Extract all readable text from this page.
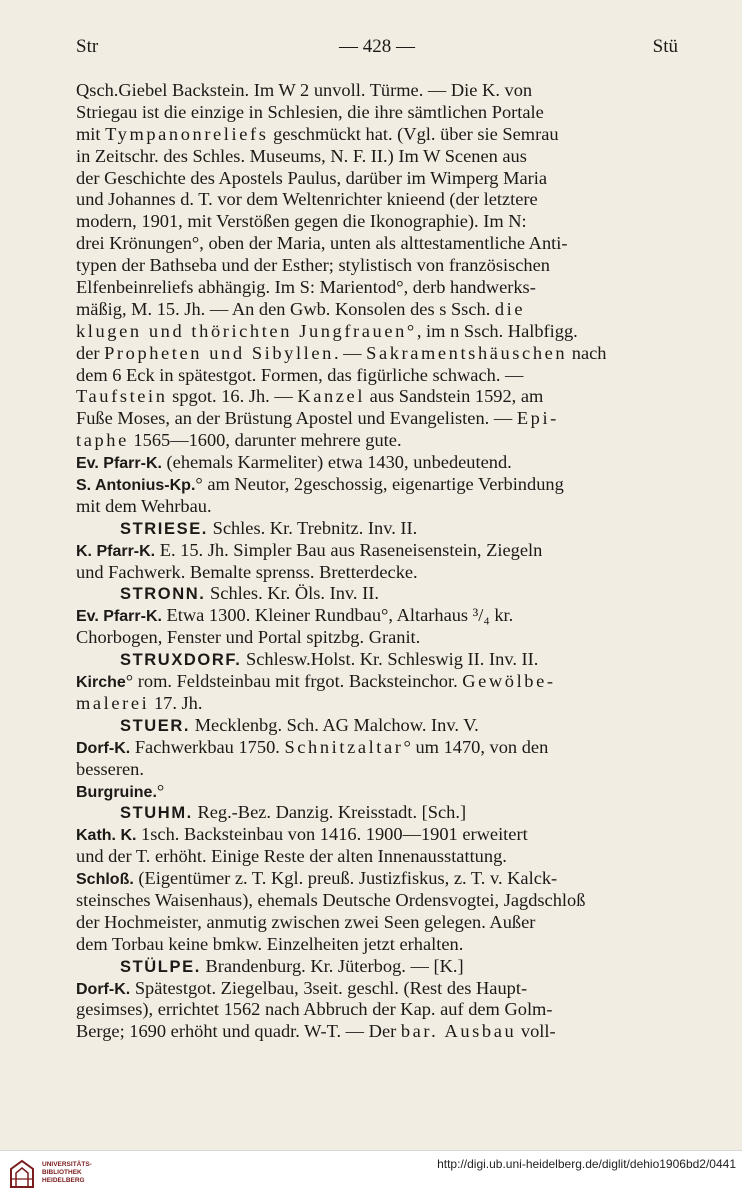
Str	— 428 —	Stü
Qsch.Giebel Backstein. Im W 2 unvoll. Türme. — Die K. von
Striegau ist die einzige in Schlesien, die ihre sämtlichen Portale
mit Tympanonreliefs geschmückt hat. (Vgl. über sie Semrau
in Zeitschr. des Schles. Museums, N. F. II.) Im W Scenen aus
der Geschichte des Apostels Paulus, darüber im Wimperg Maria
und Johannes d. T. vor dem Weltenrichter knieend (der letztere
modern, 1901, mit Verstößen gegen die Ikonographie). Im N:
drei Krönungen°, oben der Maria, unten als alttestamentliche Anti-
typen der Bathseba und der Esther; stylistisch von französischen
Elfenbeinreliefs abhängig. Im S: Marientod°, derb handwerks-
mäßig, M. 15. Jh. — An den Gwb. Konsolen des s Ssch. die
klugen und thörichten Jungfrauen°, im n Ssch. Halbfigg.
der Propheten und Sibyllen. — Sakramentshäuschen nach
dem 6 Eck in spätestgot. Formen, das figürliche schwach. —
Taufstein spgot. 16. Jh. — Kanzel aus Sandstein 1592, am
Fuße Moses, an der Brüstung Apostel und Evangelisten. — Epi-
taphe 1565—1600, darunter mehrere gute.
Ev. Pfarr-K. (ehemals Karmeliter) etwa 1430, unbedeutend.
S. Antonius-Kp.° am Neutor, 2geschossig, eigenartige Verbindung
mit dem Wehrbau.
STRIESE. Schles. Kr. Trebnitz. Inv. II.
K. Pfarr-K. E. 15. Jh. Simpler Bau aus Raseneisenstein, Ziegeln
und Fachwerk. Bemalte sprenss. Bretterdecke.
STRONN. Schles. Kr. Öls. Inv. II.
Ev. Pfarr-K. Etwa 1300. Kleiner Rundbau°, Altarhaus ³/₄ kr.
Chorbogen, Fenster und Portal spitzbg. Granit.
STRUXDORF. Schlesw.Holst. Kr. Schleswig II. Inv. II.
Kirche° rom. Feldsteinbau mit frgot. Backsteinchor. Gewölbe-
malerei 17. Jh.
STUER. Mecklenbg. Sch. AG Malchow. Inv. V.
Dorf-K. Fachwerkbau 1750. Schnitzaltar° um 1470, von den
besseren.
Burgruine.°
STUHM. Reg.-Bez. Danzig. Kreisstadt. [Sch.]
Kath. K. 1sch. Backsteinbau von 1416. 1900—1901 erweitert
und der T. erhöht. Einige Reste der alten Innenausstattung.
Schloß. (Eigentümer z. T. Kgl. preuß. Justizfiskus, z. T. v. Kalck-
steinsches Waisenhaus), ehemals Deutsche Ordensvogtei, Jagdschloß
der Hochmeister, anmutig zwischen zwei Seen gelegen. Außer
dem Torbau keine bmkw. Einzelheiten jetzt erhalten.
STÜLPE. Brandenburg. Kr. Jüterbog. — [K.]
Dorf-K. Spätestgot. Ziegelbau, 3seit. geschl. (Rest des Haupt-
gesimses), errichtet 1562 nach Abbruch der Kap. auf dem Golm-
Berge; 1690 erhöht und quadr. W-T. — Der bar. Ausbau voll-
UNIVERSITÄTS-
BIBLIOTHEK
HEIDELBERG
http://digi.ub.uni-heidelberg.de/diglit/dehio1906bd2/0441
